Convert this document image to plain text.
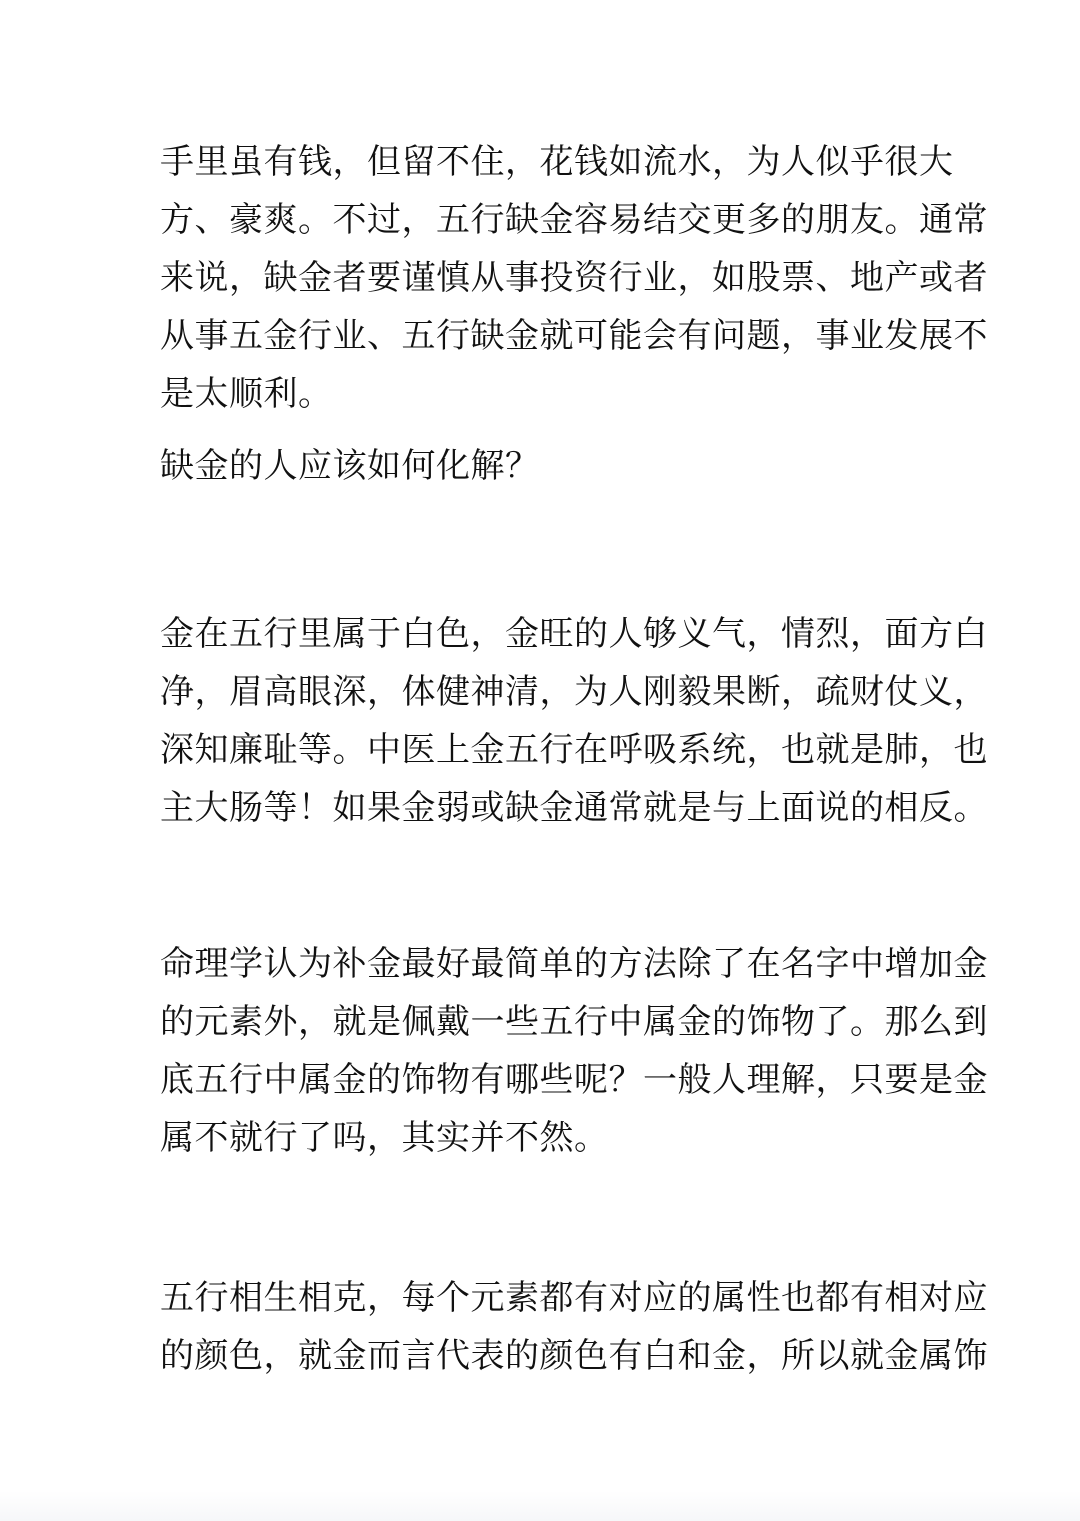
手里虽有钱，但留不住，花钱如流水，为人似乎很大
方、豪爽。不过，五行缺金容易结交更多的朋友。通常
来说，缺金者要谨慎从事投资行业，如股票、地产或者
从事五金行业、五行缺金就可能会有问题，事业发展不
是太顺利。
缺金的人应该如何化解？
金在五行里属于白色，金旺的人够义气，情烈，面方白
净，眉高眼深，体健神清，为人刚毅果断，疏财仗义，
深知廉耻等。中医上金五行在呼吸系统，也就是肺，也
主大肠等！如果金弱或缺金通常就是与上面说的相反。
命理学认为补金最好最简单的方法除了在名字中增加金
的元素外，就是佩戴一些五行中属金的饰物了。那么到
底五行中属金的饰物有哪些呢？一般人理解，只要是金
属不就行了吗，其实并不然。
五行相生相克，每个元素都有对应的属性也都有相对应
的颜色，就金而言代表的颜色有白和金，所以就金属饰
